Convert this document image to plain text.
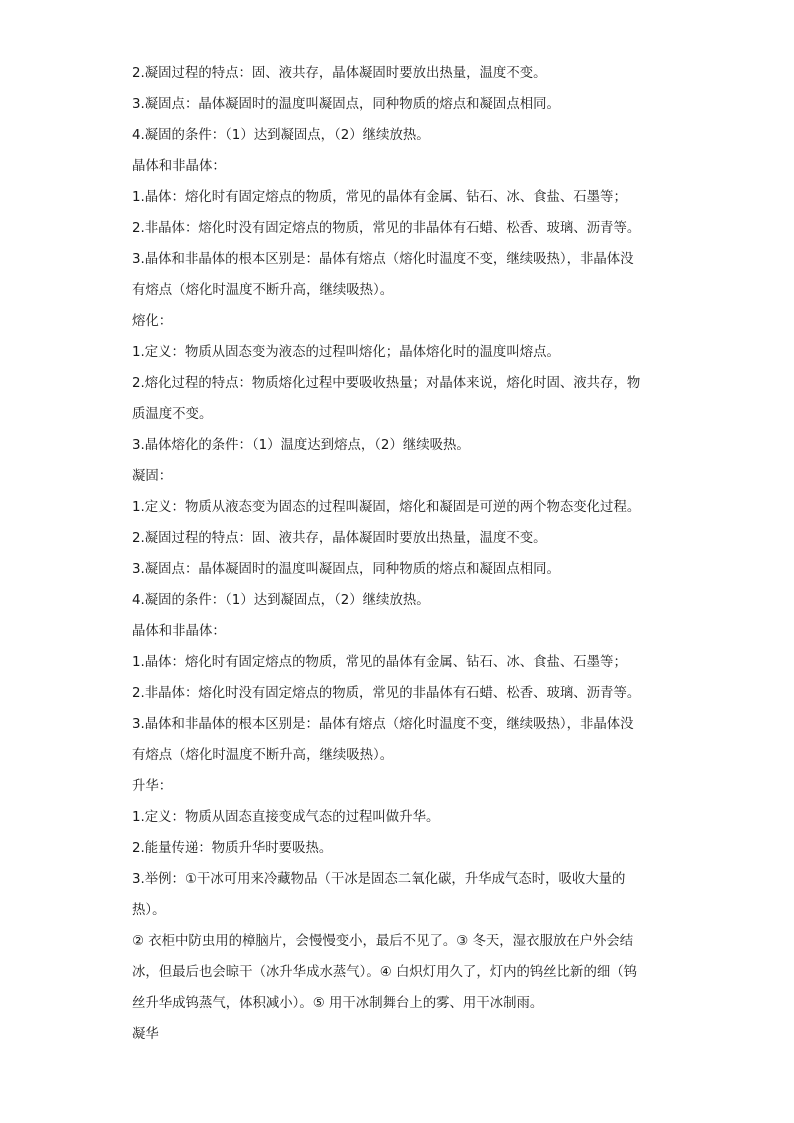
2.凝固过程的特点：固、液共存，晶体凝固时要放出热量，温度不变。

3.凝固点：晶体凝固时的温度叫凝固点，同种物质的熔点和凝固点相同。

4.凝固的条件：（1）达到凝固点，（2）继续放热。

晶体和非晶体：

1.晶体：熔化时有固定熔点的物质，常见的晶体有金属、钻石、冰、食盐、石墨等；

2.非晶体：熔化时没有固定熔点的物质，常见的非晶体有石蜡、松香、玻璃、沥青等。

3.晶体和非晶体的根本区别是：晶体有熔点（熔化时温度不变，继续吸热），非晶体没

有熔点（熔化时温度不断升高，继续吸热）。

熔化：

1.定义：物质从固态变为液态的过程叫熔化；晶体熔化时的温度叫熔点。

2.熔化过程的特点：物质熔化过程中要吸收热量；对晶体来说，熔化时固、液共存，物

质温度不变。

3.晶体熔化的条件：（1）温度达到熔点，（2）继续吸热。

凝固：

1.定义：物质从液态变为固态的过程叫凝固，熔化和凝固是可逆的两个物态变化过程。

2.凝固过程的特点：固、液共存，晶体凝固时要放出热量，温度不变。

3.凝固点：晶体凝固时的温度叫凝固点，同种物质的熔点和凝固点相同。

4.凝固的条件：（1）达到凝固点，（2）继续放热。

晶体和非晶体：

1.晶体：熔化时有固定熔点的物质，常见的晶体有金属、钻石、冰、食盐、石墨等；

2.非晶体：熔化时没有固定熔点的物质，常见的非晶体有石蜡、松香、玻璃、沥青等。

3.晶体和非晶体的根本区别是：晶体有熔点（熔化时温度不变，继续吸热），非晶体没

有熔点（熔化时温度不断升高，继续吸热）。

升华：

1.定义：物质从固态直接变成气态的过程叫做升华。

2.能量传递：物质升华时要吸热。

3.举例：①干冰可用来冷藏物品（干冰是固态二氧化碳，升华成气态时，吸收大量的

热）。

② 衣柜中防虫用的樟脑片，会慢慢变小，最后不见了。③ 冬天，湿衣服放在户外会结

冰，但最后也会晾干（冰升华成水蒸气）。④ 白炽灯用久了，灯内的钨丝比新的细（钨

丝升华成钨蒸气，体积减小）。⑤ 用干冰制舞台上的雾、用干冰制雨。

凝华
